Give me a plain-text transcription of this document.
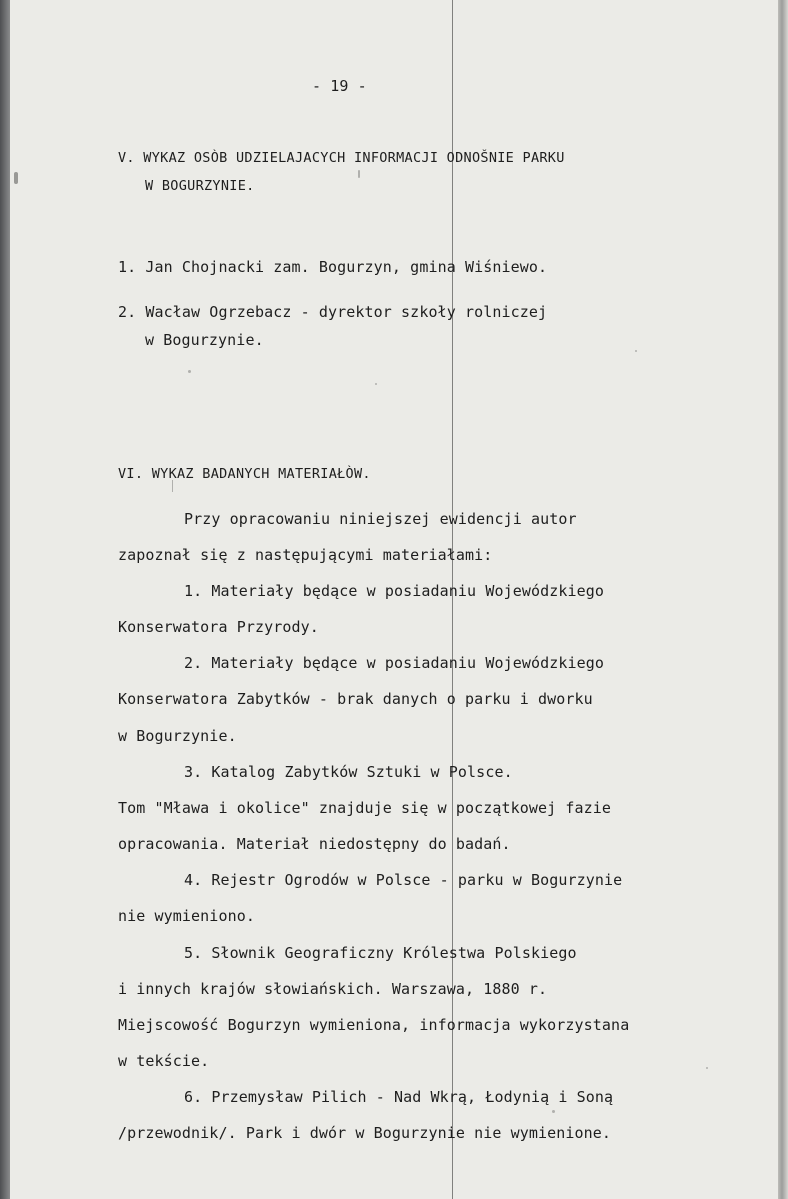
- 19 -
V. WYKAZ OSÒB UDZIELAJACYCH INFORMACJI ODNOŠNIE PARKU
W BOGURZYNIE.
1. Jan Chojnacki zam. Bogurzyn, gmina Wiśniewo.
2. Wacław Ogrzebacz - dyrektor szkoły rolniczej
w Bogurzynie.
VI. WYKAZ BADANYCH MATERIAŁÒW.
Przy opracowaniu niniejszej ewidencji autor
zapoznał się z następującymi materiałami:
1. Materiały będące w posiadaniu Wojewódzkiego
Konserwatora Przyrody.
2. Materiały będące w posiadaniu Wojewódzkiego
Konserwatora Zabytków - brak danych o parku i dworku
w Bogurzynie.
3. Katalog Zabytków Sztuki w Polsce.
Tom "Mława i okolice" znajduje się w początkowej fazie
opracowania. Materiał niedostępny do badań.
4. Rejestr Ogrodów w Polsce - parku w Bogurzynie
nie wymieniono.
5. Słownik Geograficzny Królestwa Polskiego
i innych krajów słowiańskich. Warszawa, 1880 r.
Miejscowość Bogurzyn wymieniona, informacja wykorzystana
w tekście.
6. Przemysław Pilich - Nad Wkrą, Łodynią i Soną
/przewodnik/. Park i dwór w Bogurzynie nie wymienione.
